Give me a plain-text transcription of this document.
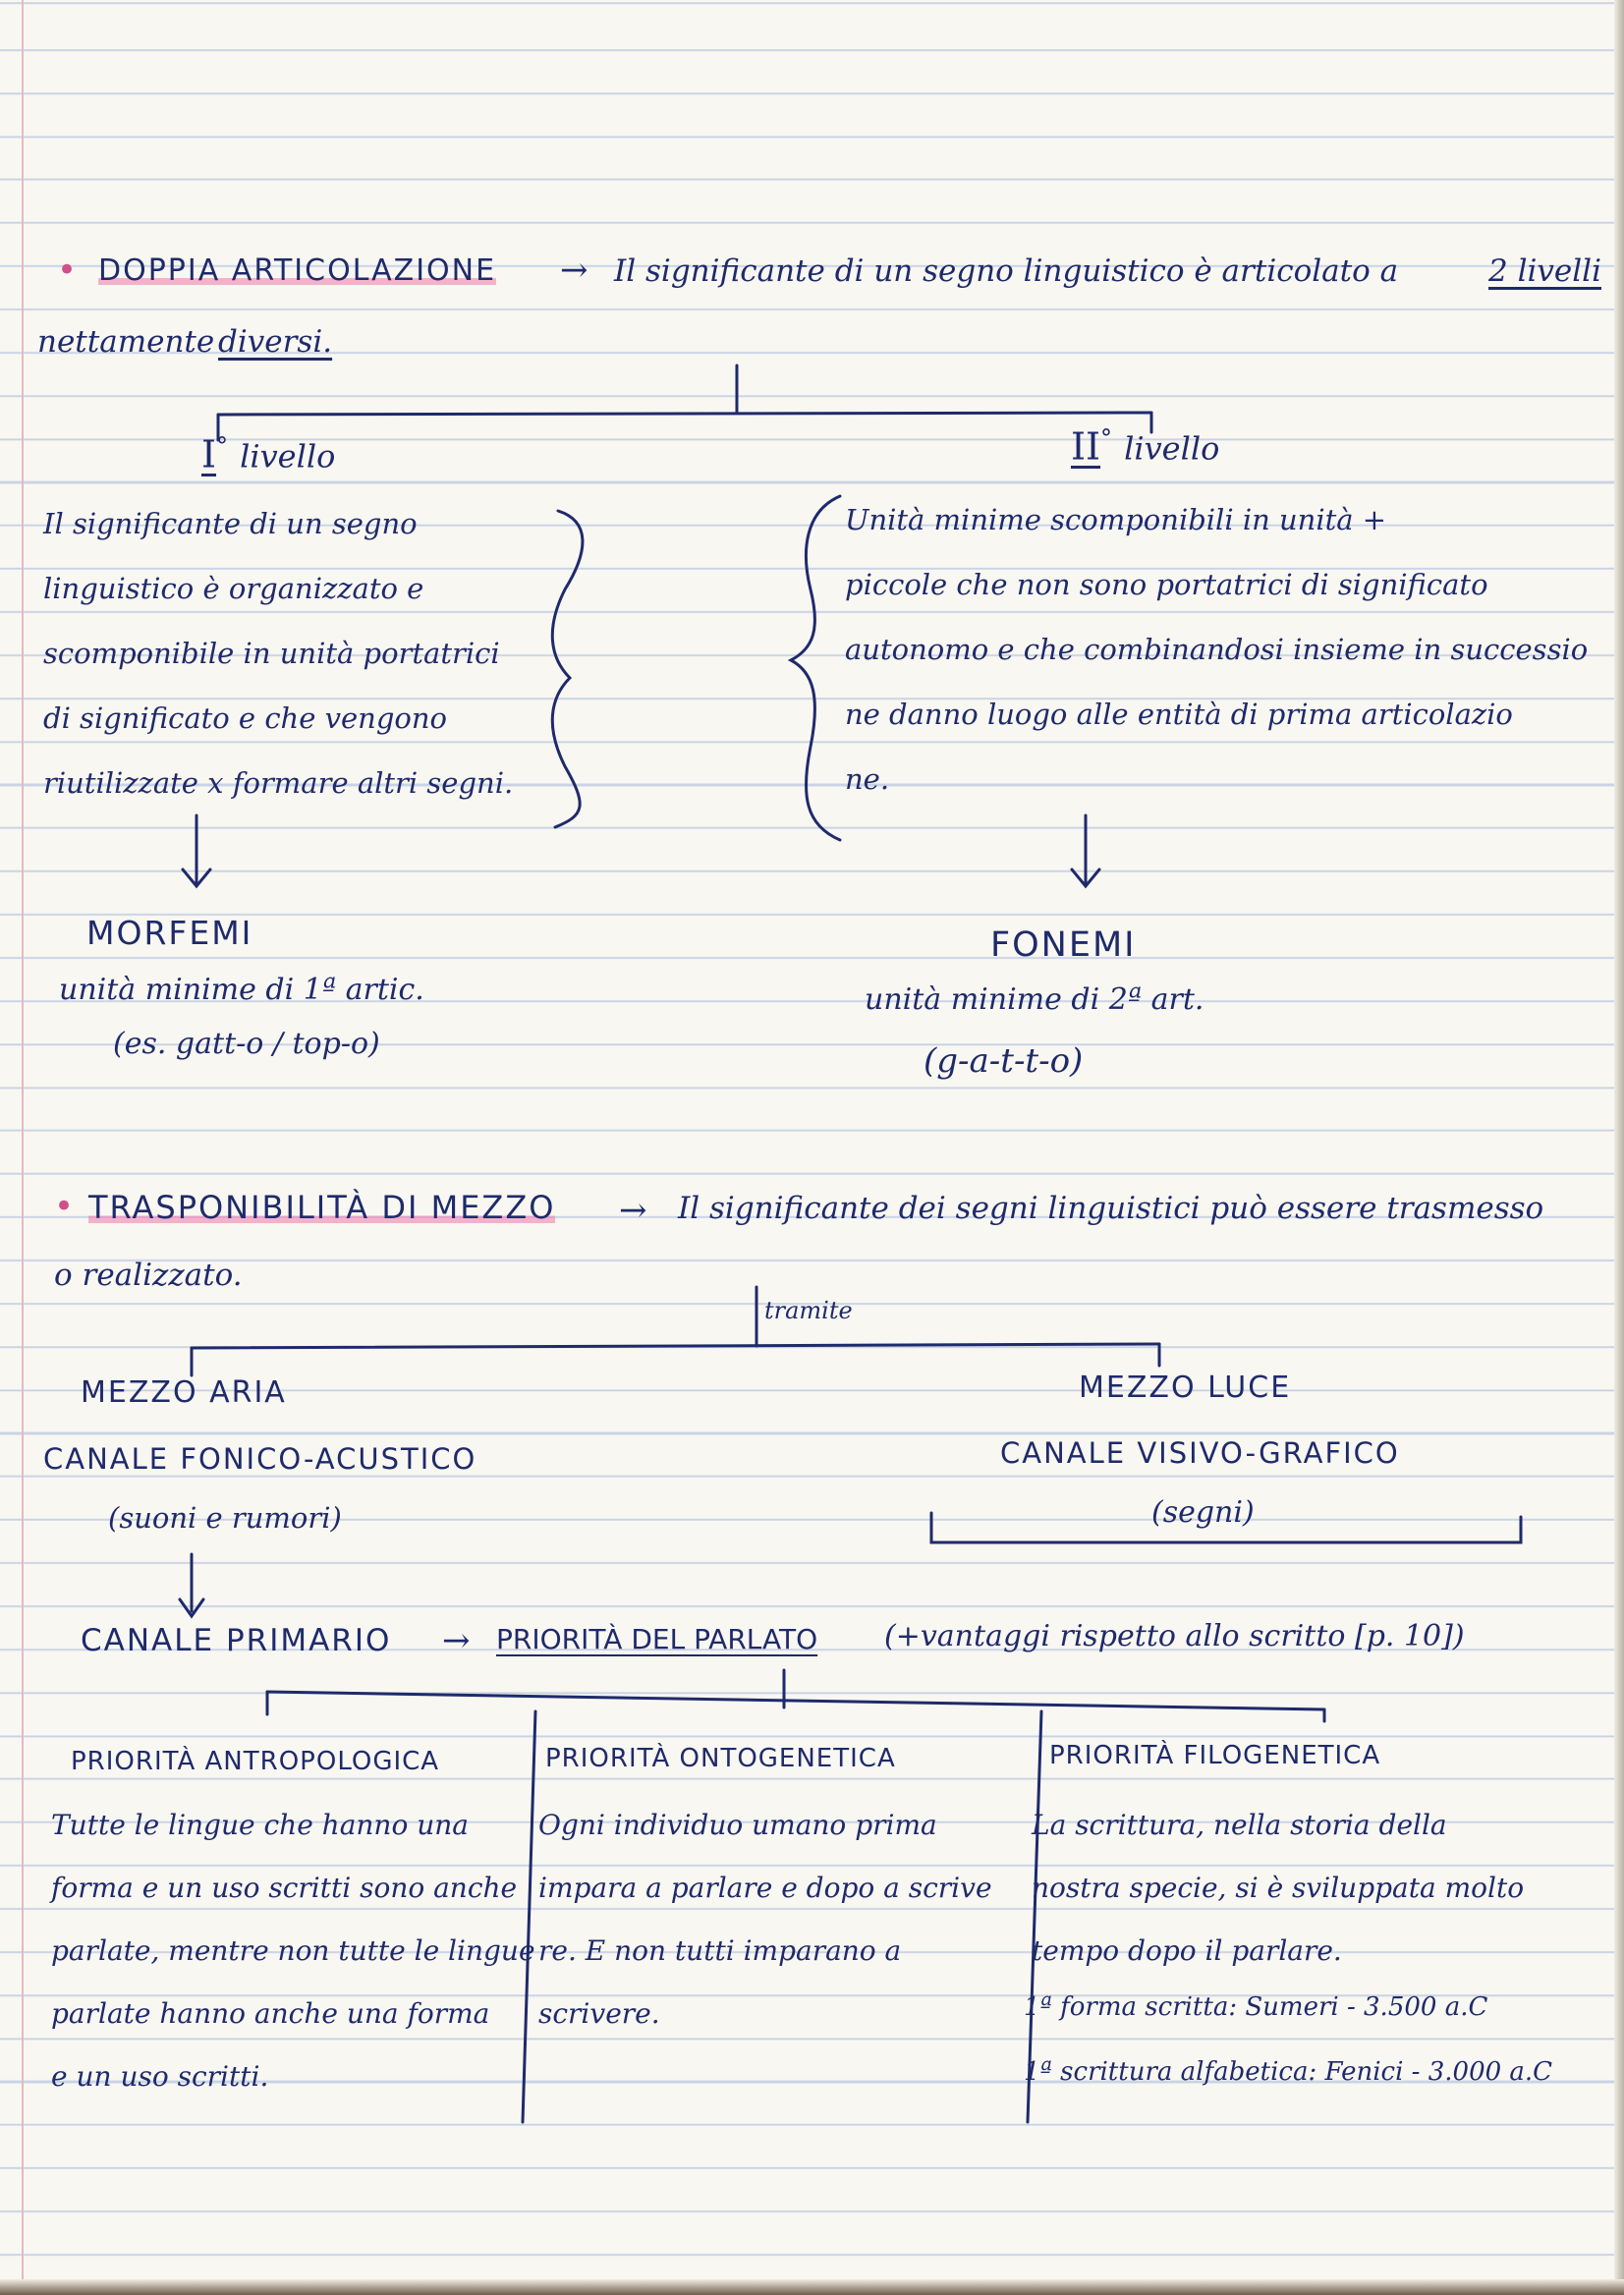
• DOPPIA ARTICOLAZIONE → Il significante di un segno linguistico è articolato a	2 livelli
nettamente diversi.
I° livello	II° livello
Il significante di un segno
linguistico è organizzato e
scomponibile in unità portatrici
di significato e che vengono
riutilizzate x formare altri segni.
Unità minime scomponibili in unità +
piccole che non sono portatrici di significato
autonomo e che combinandosi insieme in successio
ne danno luogo alle entità di prima articolazio
ne.
MORFEMI
unità minime di 1ª artic.
(es. gatt-o / top-o)
FONEMI
unità minime di 2ª art.
(g-a-t-t-o)
• TRASPONIBILITÀ DI MEZZO → Il significante dei segni linguistici può essere trasmesso
o realizzato.
tramite
MEZZO ARIA
CANALE FONICO-ACUSTICO
(suoni e rumori)
MEZZO LUCE
CANALE VISIVO-GRAFICO
(segni)
CANALE PRIMARIO → PRIORITÀ DEL PARLATO (+vantaggi rispetto allo scritto [p. 10])
PRIORITÀ ANTROPOLOGICA
Tutte le lingue che hanno una
forma e un uso scritti sono anche
parlate, mentre non tutte le lingue
parlate hanno anche una forma
e un uso scritti.
PRIORITÀ ONTOGENETICA
Ogni individuo umano prima
impara a parlare e dopo a scrive
re. E non tutti imparano a
scrivere.
PRIORITÀ FILOGENETICA
La scrittura, nella storia della
nostra specie, si è sviluppata molto
tempo dopo il parlare.
1ª forma scritta: Sumeri - 3.500 a.C
1ª scrittura alfabetica: Fenici - 3.000 a.C
